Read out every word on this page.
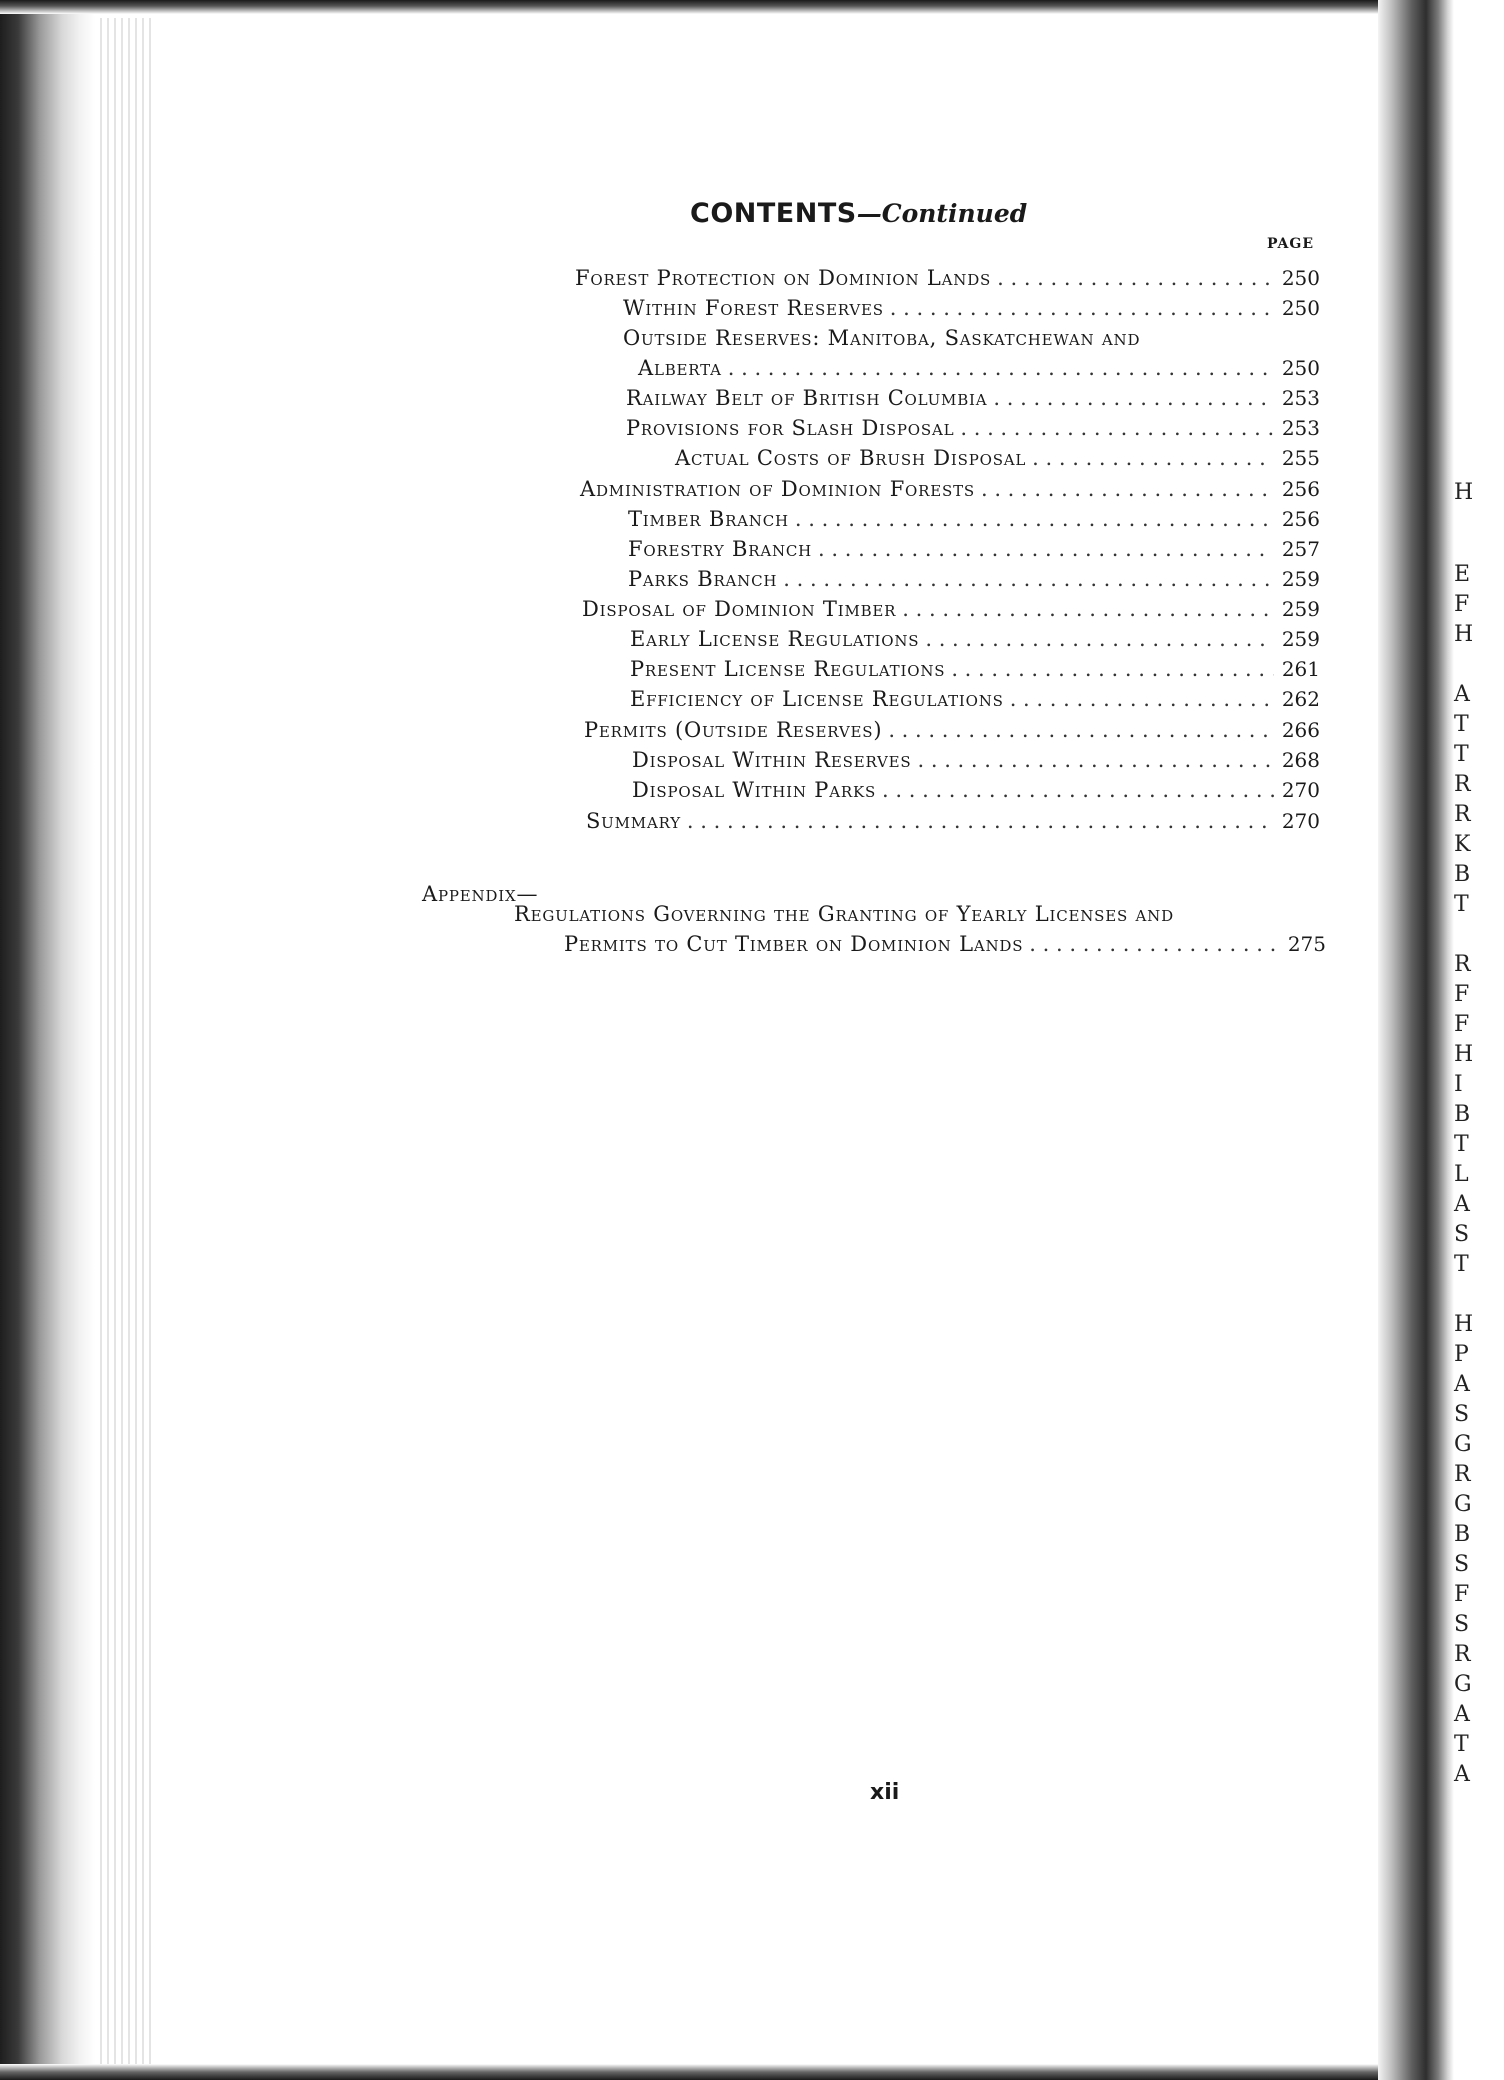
H
E
F
H
A
T
T
R
R
K
B
T
R
F
F
H
I
B
T
L
A
S
T
H
P
A
S
G
R
G
B
S
F
S
R
G
A
T
A
CONTENTS—Continued
PAGE
Forest Protection on Dominion Lands . . .	250
Within Forest Reserves . . .	250
Outside Reserves: Manitoba, Saskatchewan and
Alberta . . .	250
Railway Belt of British Columbia . . .	253
Provisions for Slash Disposal . . .	253
Actual Costs of Brush Disposal . . .	255
Administration of Dominion Forests . . .	256
Timber Branch . . .	256
Forestry Branch . . .	257
Parks Branch . . .	259
Disposal of Dominion Timber . . .	259
Early License Regulations . . .	259
Present License Regulations . . .	261
Efficiency of License Regulations . . .	262
Permits (Outside Reserves) . . .	266
Disposal Within Reserves . . .	268
Disposal Within Parks . . .	270
Summary . . .	270
Appendix—
Regulations Governing the Granting of Yearly Licenses and
Permits to Cut Timber on Dominion Lands . . .	275
xii
